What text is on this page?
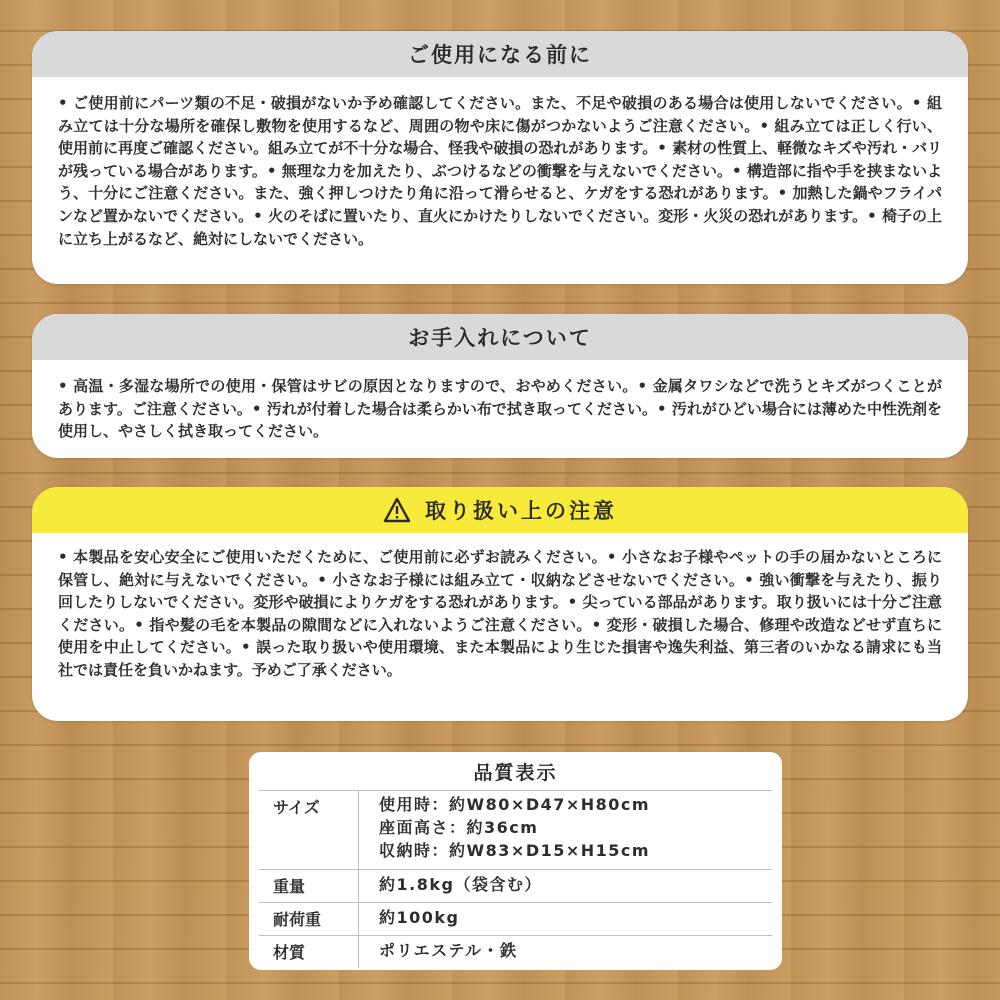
ご使用になる前に
• ご使用前にパーツ類の不足・破損がないか予め確認してください。また、不足や破損のある場合は使用しないでください。• 組み立ては十分な場所を確保し敷物を使用するなど、周囲の物や床に傷がつかないようご注意ください。• 組み立ては正しく行い、使用前に再度ご確認ください。組み立てが不十分な場合、怪我や破損の恐れがあります。• 素材の性質上、軽微なキズや汚れ・バリが残っている場合があります。• 無理な力を加えたり、ぶつけるなどの衝撃を与えないでください。• 構造部に指や手を挟まないよう、十分にご注意ください。また、強く押しつけたり角に沿って滑らせると、ケガをする恐れがあります。• 加熱した鍋やフライパンなど置かないでください。• 火のそばに置いたり、直火にかけたりしないでください。変形・火災の恐れがあります。• 椅子の上に立ち上がるなど、絶対にしないでください。
お手入れについて
• 高温・多湿な場所での使用・保管はサビの原因となりますので、おやめください。• 金属タワシなどで洗うとキズがつくことがあります。ご注意ください。• 汚れが付着した場合は柔らかい布で拭き取ってください。• 汚れがひどい場合には薄めた中性洗剤を使用し、やさしく拭き取ってください。
取り扱い上の注意
• 本製品を安心安全にご使用いただくために、ご使用前に必ずお読みください。• 小さなお子様やペットの手の届かないところに保管し、絶対に与えないでください。• 小さなお子様には組み立て・収納などさせないでください。• 強い衝撃を与えたり、振り回したりしないでください。変形や破損によりケガをする恐れがあります。• 尖っている部品があります。取り扱いには十分ご注意ください。• 指や髪の毛を本製品の隙間などに入れないようご注意ください。• 変形・破損した場合、修理や改造などせず直ちに使用を中止してください。• 誤った取り扱いや使用環境、また本製品により生じた損害や逸失利益、第三者のいかなる請求にも当社では責任を負いかねます。予めご了承ください。
品質表示
サイズ	使用時：約W80×D47×H80cm
座面高さ：約36cm
収納時：約W83×D15×H15cm

重量	約1.8kg（袋含む）
耐荷重	約100kg
材質	ポリエステル・鉄
